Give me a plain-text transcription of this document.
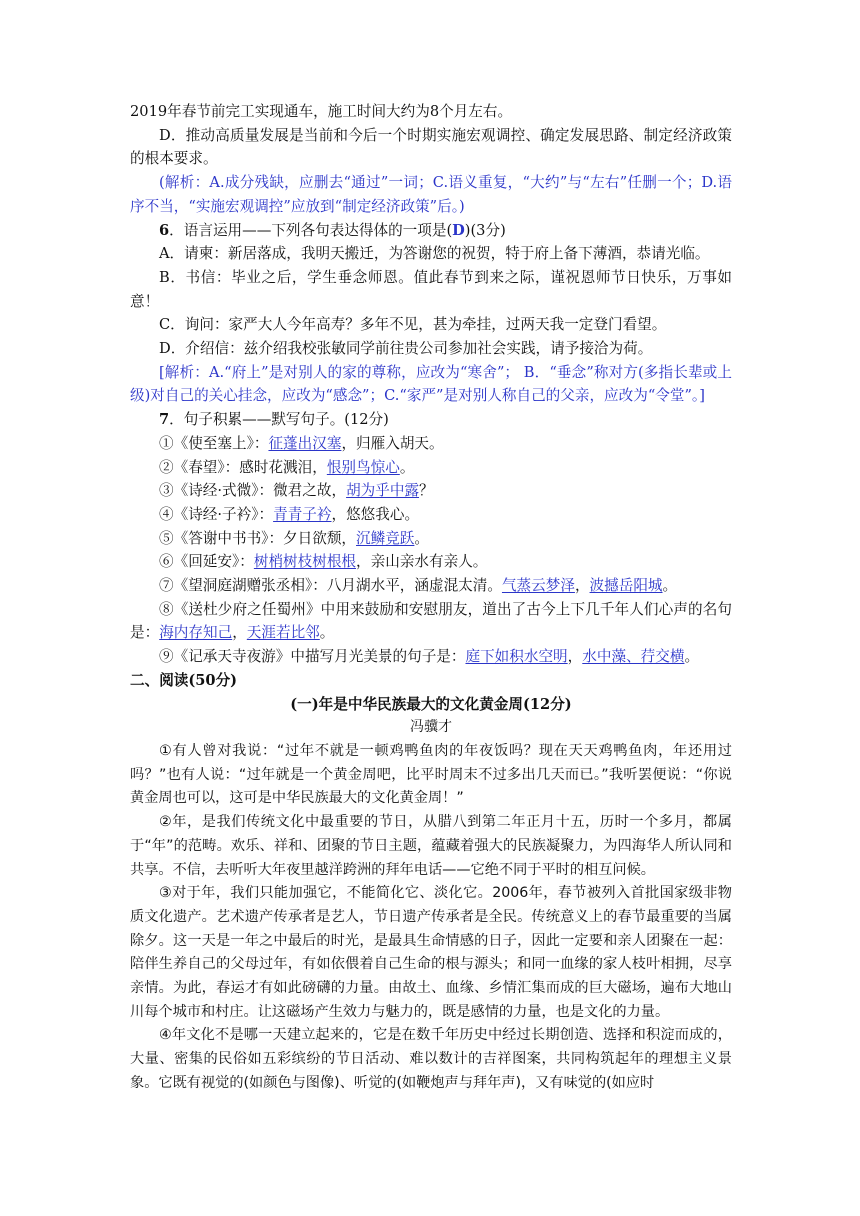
2019年春节前完工实现通车，施工时间大约为8个月左右。

D．推动高质量发展是当前和今后一个时期实施宏观调控、确定发展思路、制定经济政策的根本要求。

(解析：A.成分残缺，应删去“通过”一词；C.语义重复，“大约”与“左右”任删一个；D.语序不当，“实施宏观调控”应放到“制定经济政策”后。)

6．语言运用——下列各句表达得体的一项是(D)(3分)

A．请柬：新居落成，我明天搬迁，为答谢您的祝贺，特于府上备下薄酒，恭请光临。

B．书信：毕业之后，学生垂念师恩。值此春节到来之际，谨祝恩师节日快乐，万事如意！

C．询问：家严大人今年高寿？多年不见，甚为牵挂，过两天我一定登门看望。

D．介绍信：兹介绍我校张敏同学前往贵公司参加社会实践，请予接洽为荷。

[解析：A.“府上”是对别人的家的尊称，应改为“寒舍”； B．“垂念”称对方(多指长辈或上级)对自己的关心挂念，应改为“感念”；C.“家严”是对别人称自己的父亲，应改为“令堂”。]

7．句子积累——默写句子。(12分)

①《使至塞上》：征蓬出汉塞，归雁入胡天。

②《春望》：感时花溅泪，恨别鸟惊心。

③《诗经·式微》：微君之故，胡为乎中露？

④《诗经·子衿》：青青子衿，悠悠我心。

⑤《答谢中书书》：夕日欲颓，沉鳞竞跃。

⑥《回延安》：树梢树枝树根根，亲山亲水有亲人。

⑦《望洞庭湖赠张丞相》：八月湖水平，涵虚混太清。气蒸云梦泽，波撼岳阳城。

⑧《送杜少府之任蜀州》中用来鼓励和安慰朋友，道出了古今上下几千年人们心声的名句是：海内存知己，天涯若比邻。

⑨《记承天寺夜游》中描写月光美景的句子是：庭下如积水空明，水中藻、荇交横。

二、阅读(50分)

(一)年是中华民族最大的文化黄金周(12分)

冯骥才

①有人曾对我说：“过年不就是一顿鸡鸭鱼肉的年夜饭吗？现在天天鸡鸭鱼肉，年还用过吗？”也有人说：“过年就是一个黄金周吧，比平时周末不过多出几天而已。”我听罢便说：“你说黄金周也可以，这可是中华民族最大的文化黄金周！”

②年，是我们传统文化中最重要的节日，从腊八到第二年正月十五，历时一个多月，都属于“年”的范畴。欢乐、祥和、团聚的节日主题，蕴藏着强大的民族凝聚力，为四海华人所认同和共享。不信，去听听大年夜里越洋跨洲的拜年电话——它绝不同于平时的相互问候。

③对于年，我们只能加强它，不能简化它、淡化它。2006年，春节被列入首批国家级非物质文化遗产。艺术遗产传承者是艺人，节日遗产传承者是全民。传统意义上的春节最重要的当属除夕。这一天是一年之中最后的时光，是最具生命情感的日子，因此一定要和亲人团聚在一起：陪伴生养自己的父母过年，有如依偎着自己生命的根与源头；和同一血缘的家人枝叶相拥，尽享亲情。为此，春运才有如此磅礴的力量。由故土、血缘、乡情汇集而成的巨大磁场，遍布大地山川每个城市和村庄。让这磁场产生效力与魅力的，既是感情的力量，也是文化的力量。

④年文化不是哪一天建立起来的，它是在数千年历史中经过长期创造、选择和积淀而成的，大量、密集的民俗如五彩缤纷的节日活动、难以数计的吉祥图案，共同构筑起年的理想主义景象。它既有视觉的(如颜色与图像)、听觉的(如鞭炮声与拜年声)，又有味觉的(如应时
